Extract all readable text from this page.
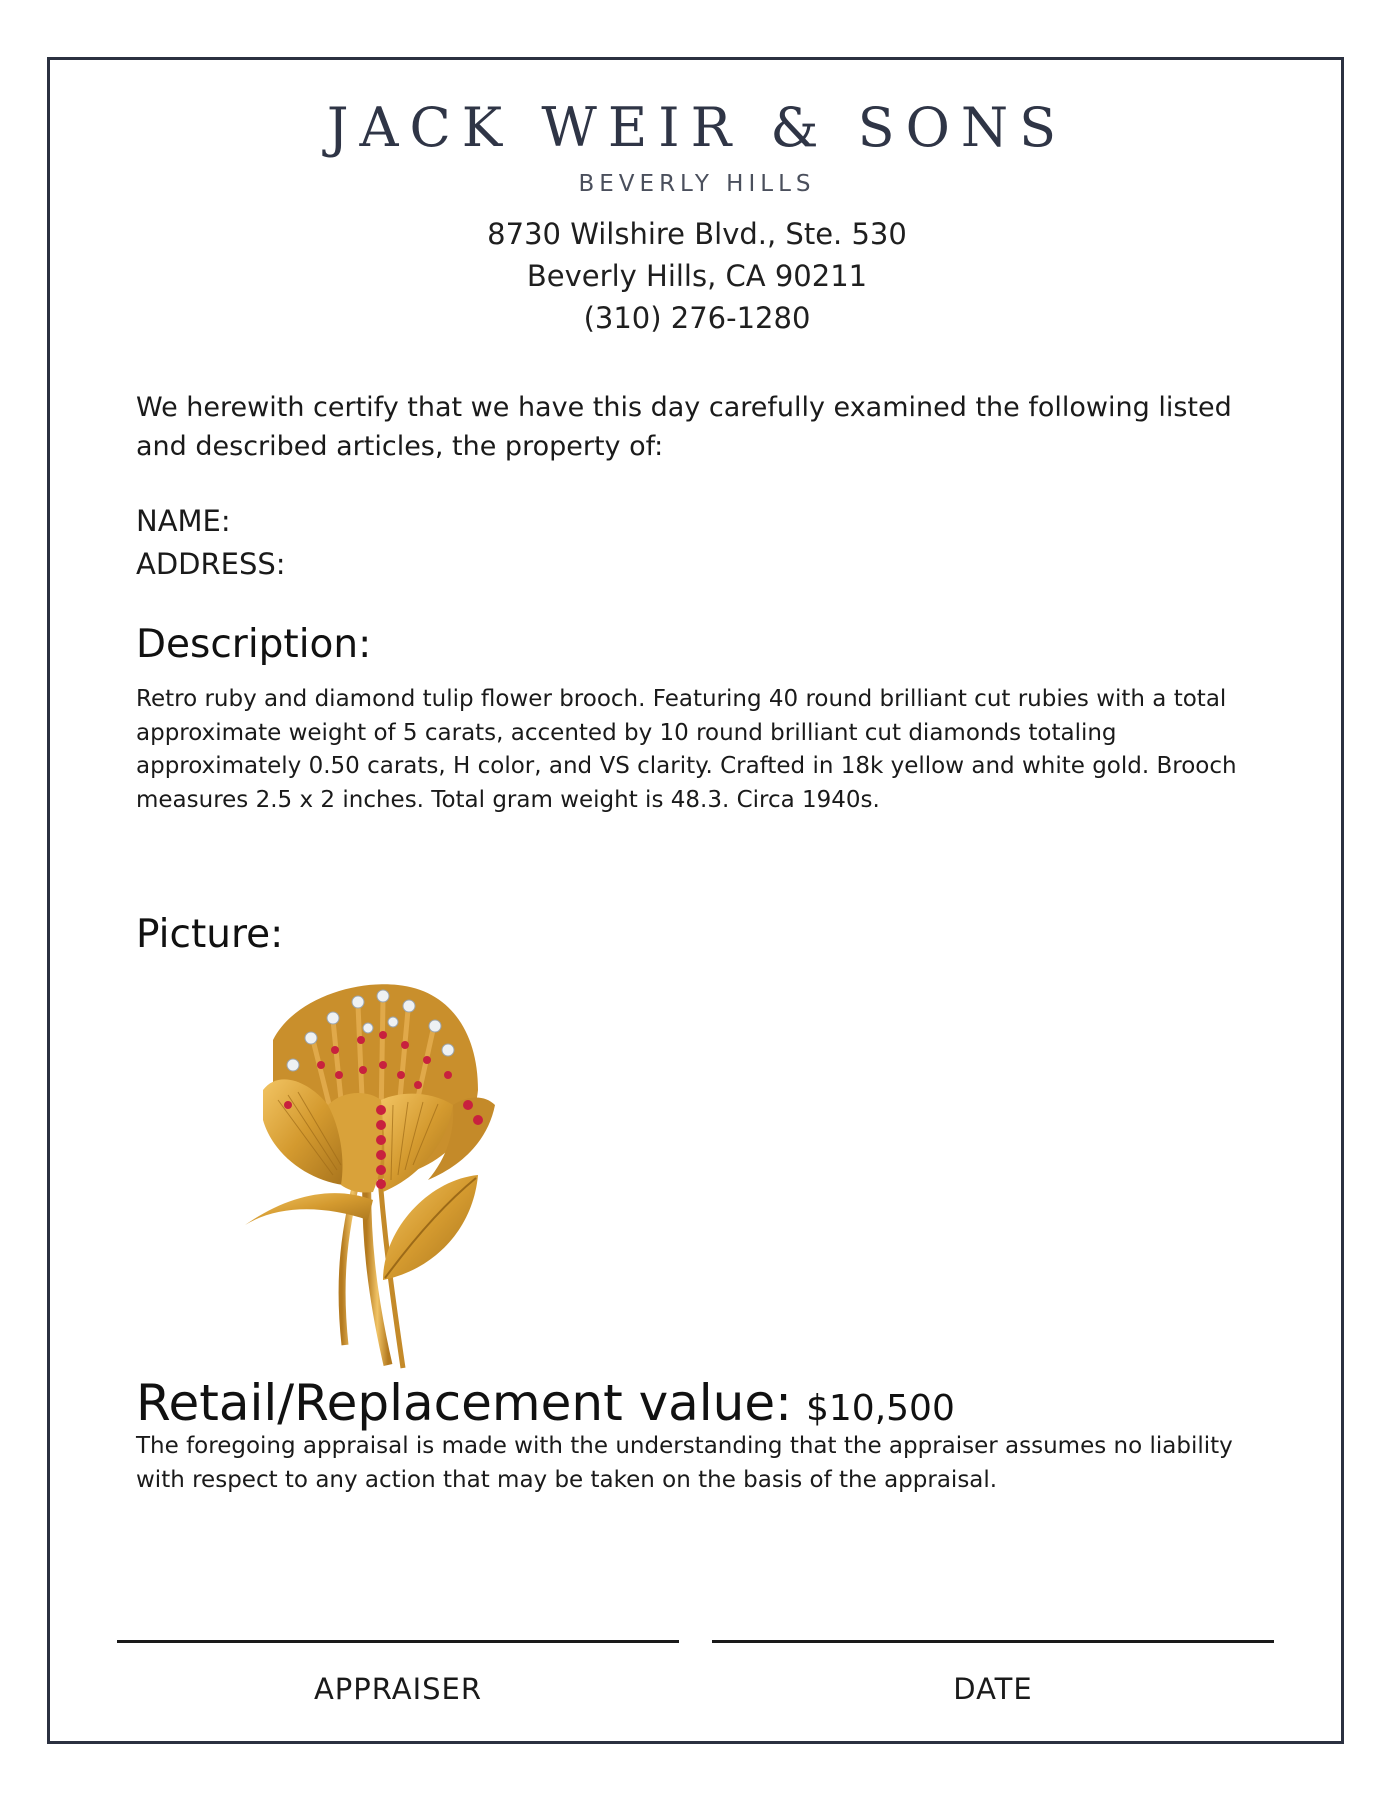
JACK WEIR & SONS
BEVERLY HILLS
8730 Wilshire Blvd., Ste. 530
Beverly Hills, CA 90211
(310) 276-1280
We herewith certify that we have this day carefully examined the following listed and described articles, the property of:
NAME:
ADDRESS:
Description:
Retro ruby and diamond tulip flower brooch. Featuring 40 round brilliant cut rubies with a total approximate weight of 5 carats, accented by 10 round brilliant cut diamonds totaling approximately 0.50 carats, H color, and VS clarity. Crafted in 18k yellow and white gold. Brooch measures 2.5 x 2 inches. Total gram weight is 48.3. Circa 1940s.
Picture:
Retail/Replacement value: $10,500
The foregoing appraisal is made with the understanding that the appraiser assumes no liability with respect to any action that may be taken on the basis of the appraisal.
APPRAISER	DATE
